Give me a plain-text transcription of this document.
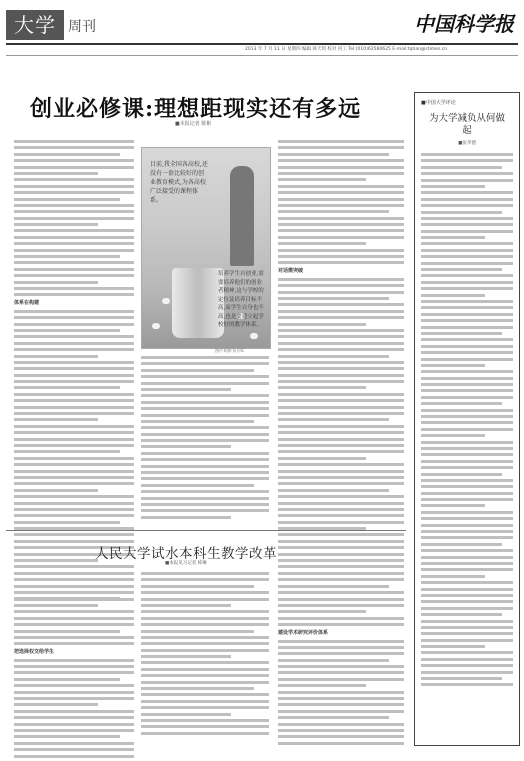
大学 周刊	中国科学报
2013 年 7 月 11 日 星期四 编辑 韩天琪 校对 何工 Tel:(010)62580625 E-mail:tqhan@stimes.cn
创业必修课:理想距现实还有多远
■本报记者 陈彬
体系在构建
目前,我全国各高校,还没有一套比较好的创业教育模式,为各高校广泛接受的课程体系。
培养学生自创业,需要培养他们的创业者精神,这与学校的定位及培养目标不高,而学生自身也不高,也是要建立起学校好的教学体系。
图片来源:东方IC
对话需突破
人民大学试水本科生教学改革
■本报见习记者 韩琳
把选择权交给学生
建设学术研究评价体系
■中国大学评论
为大学减负从何做起
■张孝德
